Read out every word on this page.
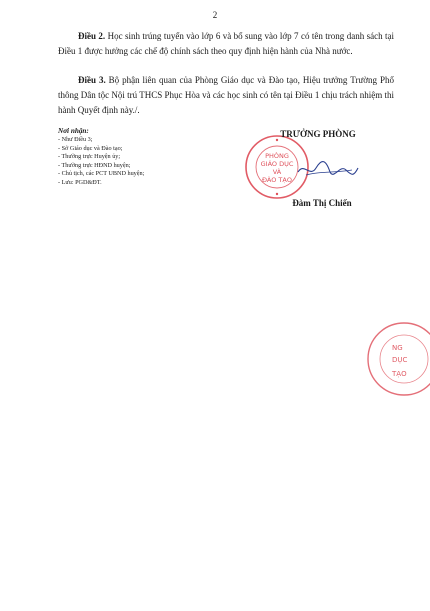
2

Điều 2. Học sinh trúng tuyển vào lớp 6 và bổ sung vào lớp 7 có tên trong danh sách tại Điều 1 được hưởng các chế độ chính sách theo quy định hiện hành của Nhà nước.

Điều 3. Bộ phận liên quan của Phòng Giáo dục và Đào tạo, Hiệu trưởng Trường Phổ thông Dân tộc Nội trú THCS Phục Hòa và các học sinh có tên tại Điều 1 chịu trách nhiệm thi hành Quyết định này./.

Nơi nhận:
- Như Điều 3;
- Sở Giáo dục và Đào tạo;
- Thường trực Huyện ủy;
- Thường trực HĐND huyện;
- Chủ tịch, các PCT UBND huyện;
- Lưu: PGD&ĐT.
PHÒNG
GIÁO DỤC
VÀ
ĐÀO TẠO
TRƯỞNG PHÒNG
Đàm Thị Chiến
NG
DỤC
TẠO
